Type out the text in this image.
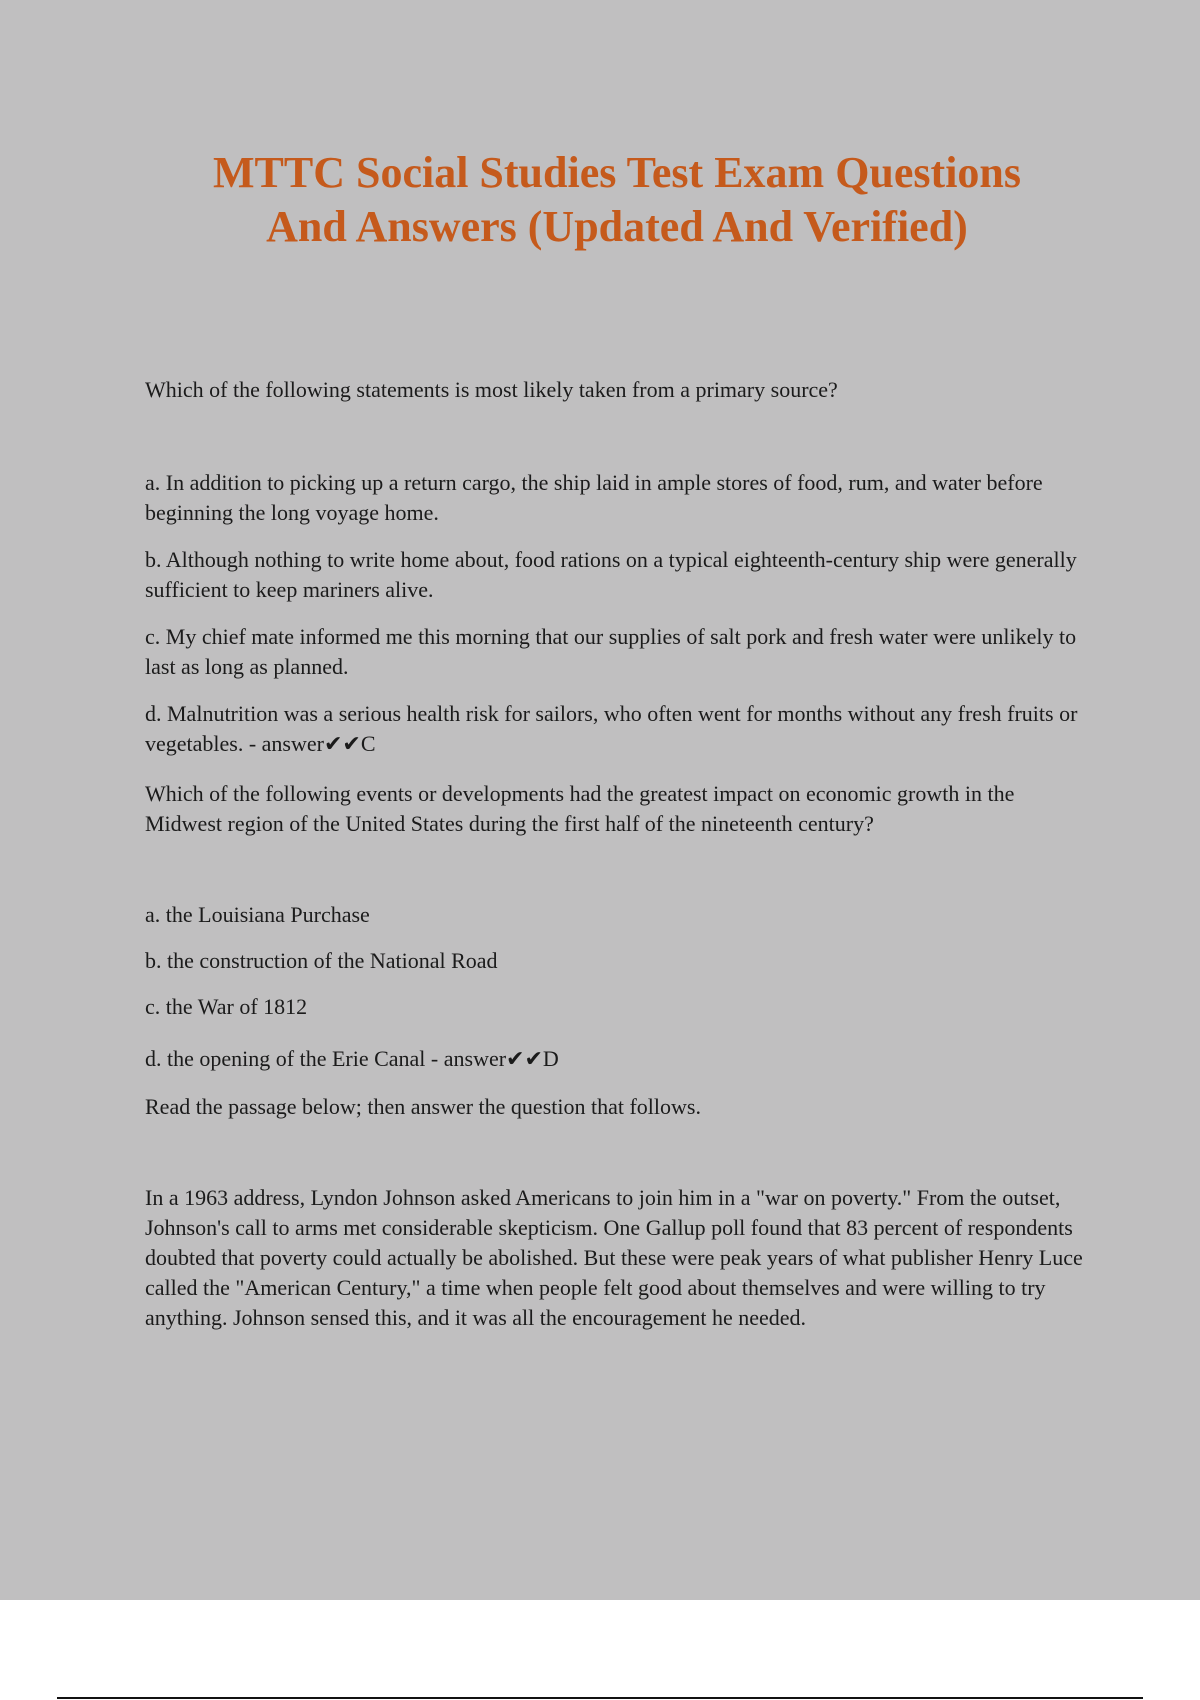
MTTC Social Studies Test Exam Questions
And Answers (Updated And Verified)

Which of the following statements is most likely taken from a primary source?

a. In addition to picking up a return cargo, the ship laid in ample stores of food, rum, and water before beginning the long voyage home.

b. Although nothing to write home about, food rations on a typical eighteenth-century ship were generally sufficient to keep mariners alive.

c. My chief mate informed me this morning that our supplies of salt pork and fresh water were unlikely to last as long as planned.

d. Malnutrition was a serious health risk for sailors, who often went for months without any fresh fruits or vegetables. - answer✔✔C

Which of the following events or developments had the greatest impact on economic growth in the Midwest region of the United States during the first half of the nineteenth century?

a. the Louisiana Purchase

b. the construction of the National Road

c. the War of 1812

d. the opening of the Erie Canal - answer✔✔D

Read the passage below; then answer the question that follows.

In a 1963 address, Lyndon Johnson asked Americans to join him in a "war on poverty." From the outset, Johnson's call to arms met considerable skepticism. One Gallup poll found that 83 percent of respondents doubted that poverty could actually be abolished. But these were peak years of what publisher Henry Luce called the "American Century," a time when people felt good about themselves and were willing to try anything. Johnson sensed this, and it was all the encouragement he needed.
